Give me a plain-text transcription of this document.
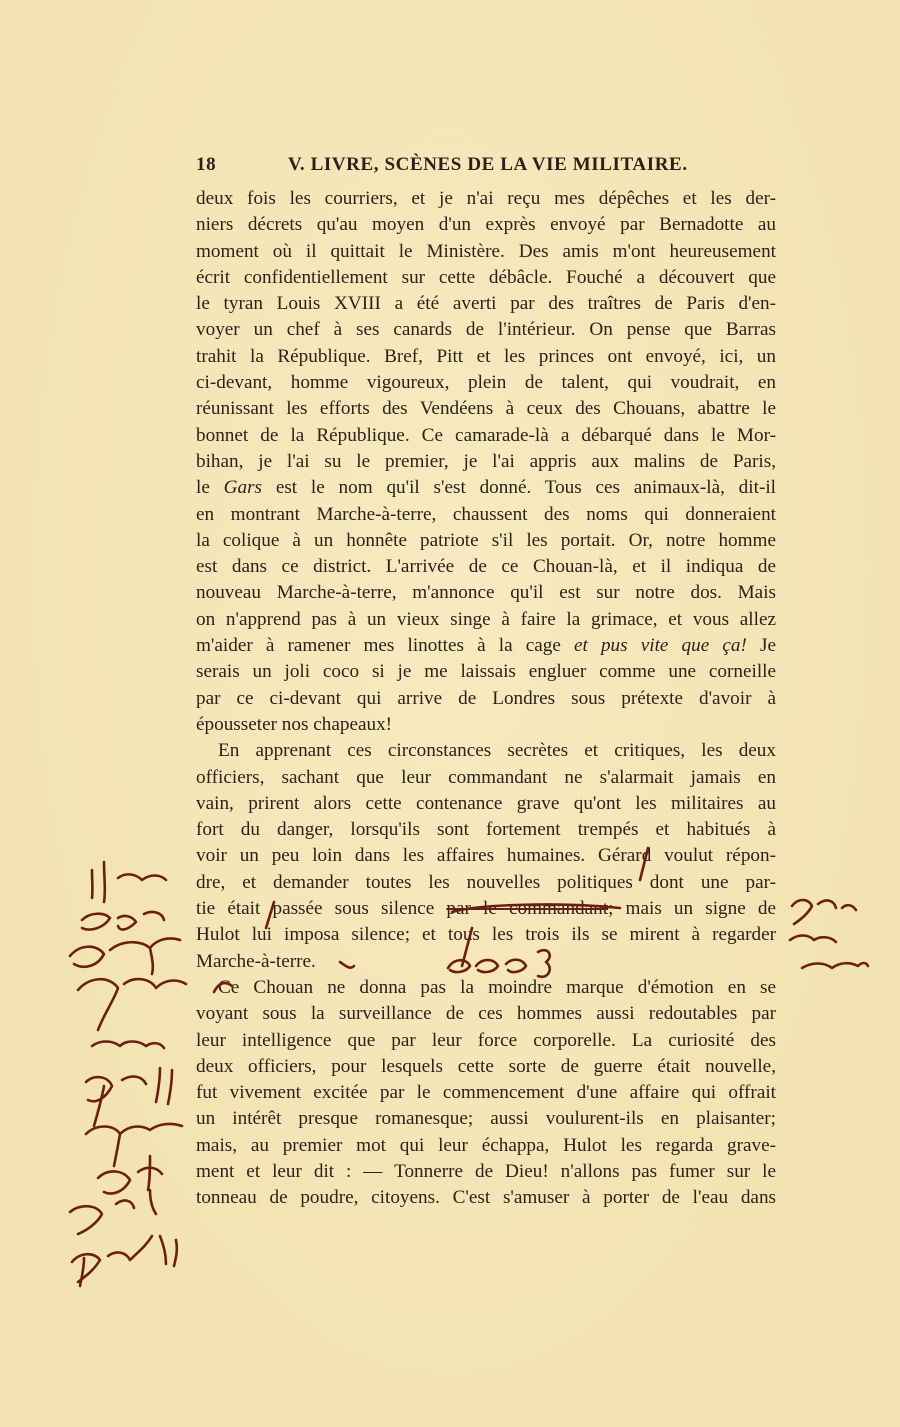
18	V. LIVRE, SCÈNES DE LA VIE MILITAIRE.
deux fois les courriers, et je n'ai reçu mes dépêches et les der-
niers décrets qu'au moyen d'un exprès envoyé par Bernadotte au
moment où il quittait le Ministère. Des amis m'ont heureusement
écrit confidentiellement sur cette débâcle. Fouché a découvert que
le tyran Louis XVIII a été averti par des traîtres de Paris d'en-
voyer un chef à ses canards de l'intérieur. On pense que Barras
trahit la République. Bref, Pitt et les princes ont envoyé, ici, un
ci-devant, homme vigoureux, plein de talent, qui voudrait, en
réunissant les efforts des Vendéens à ceux des Chouans, abattre le
bonnet de la République. Ce camarade-là a débarqué dans le Mor-
bihan, je l'ai su le premier, je l'ai appris aux malins de Paris,
le Gars est le nom qu'il s'est donné. Tous ces animaux-là, dit-il
en montrant Marche-à-terre, chaussent des noms qui donneraient
la colique à un honnête patriote s'il les portait. Or, notre homme
est dans ce district. L'arrivée de ce Chouan-là, et il indiqua de
nouveau Marche-à-terre, m'annonce qu'il est sur notre dos. Mais
on n'apprend pas à un vieux singe à faire la grimace, et vous allez
m'aider à ramener mes linottes à la cage et pus vite que ça! Je
serais un joli coco si je me laissais engluer comme une corneille
par ce ci-devant qui arrive de Londres sous prétexte d'avoir à
épousseter nos chapeaux!
En apprenant ces circonstances secrètes et critiques, les deux
officiers, sachant que leur commandant ne s'alarmait jamais en
vain, prirent alors cette contenance grave qu'ont les militaires au
fort du danger, lorsqu'ils sont fortement trempés et habitués à
voir un peu loin dans les affaires humaines. Gérard voulut répon-
dre, et demander toutes les nouvelles politiques dont une par-
tie était passée sous silence par le commandant; mais un signe de
Hulot lui imposa silence; et tous les trois ils se mirent à regarder
Marche-à-terre.
Ce Chouan ne donna pas la moindre marque d'émotion en se
voyant sous la surveillance de ces hommes aussi redoutables par
leur intelligence que par leur force corporelle. La curiosité des
deux officiers, pour lesquels cette sorte de guerre était nouvelle,
fut vivement excitée par le commencement d'une affaire qui offrait
un intérêt presque romanesque; aussi voulurent-ils en plaisanter;
mais, au premier mot qui leur échappa, Hulot les regarda grave-
ment et leur dit : — Tonnerre de Dieu! n'allons pas fumer sur le
tonneau de poudre, citoyens. C'est s'amuser à porter de l'eau dans
